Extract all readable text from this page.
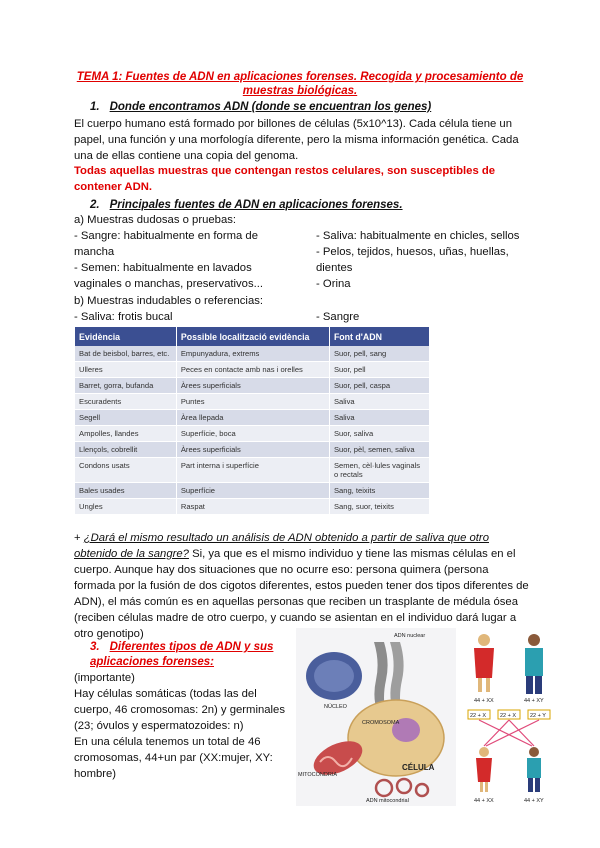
TEMA 1: Fuentes de ADN en aplicaciones forenses. Recogida y procesamiento de muestras biológicas.
1. Donde encontramos ADN (donde se encuentran los genes)
El cuerpo humano está formado por billones de células (5x10^13). Cada célula tiene un papel, una función y una morfología diferente, pero la misma información genética. Cada una de ellas contiene una copia del genoma.
Todas aquellas muestras que contengan restos celulares, son susceptibles de contener ADN.
2. Principales fuentes de ADN en aplicaciones forenses.
a) Muestras dudosas o pruebas:
- Sangre: habitualmente en forma de mancha
- Semen: habitualmente en lavados vaginales o manchas, preservativos...
- Saliva: habitualmente en chicles, sellos
- Pelos, tejidos, huesos, uñas, huellas, dientes
- Orina
b) Muestras indudables o referencias:
- Saliva: frotis bucal	- Sangre
Evidència	Possible localització evidència	Font d'ADN
Bat de beisbol, barres, etc.	Empunyadura, extrems	Suor, pell, sang
Ulleres	Peces en contacte amb nas i orelles	Suor, pell
Barret, gorra, bufanda	Àrees superficials	Suor, pell, caspa
Escuradents	Puntes	Saliva
Segell	Àrea llepada	Saliva
Ampolles, llandes	Superfície, boca	Suor, saliva
Llençols, cobrellit	Àrees superficials	Suor, pèl, semen, saliva
Condons usats	Part interna i superfície	Semen, cèl·lules vaginals o rectals
Bales usades	Superfície	Sang, teixits
Ungles	Raspat	Sang, suor, teixits
+ ¿Dará el mismo resultado un análisis de ADN obtenido a partir de saliva que otro obtenido de la sangre? Si, ya que es el mismo individuo y tiene las mismas células en el cuerpo. Aunque hay dos situaciones que no ocurre eso: persona quimera (persona formada por la fusión de dos cigotos diferentes, estos pueden tener dos tipos diferentes de ADN), el más común es en aquellas personas que reciben un trasplante de médula ósea (reciben células madre de otro cuerpo, y cuando se asientan en el individuo dará lugar a otro genotipo)
3. Diferentes tipos de ADN y sus aplicaciones forenses:
(importante)
Hay células somáticas (todas las del cuerpo, 46 cromosomas: 2n) y germinales (23; óvulos y espermatozoides: n)
En una célula tenemos un total de 46 cromosomas, 44+un par (XX:mujer, XY: hombre)
ADN nuclear
NÚCLEO
CROMOSOMA
CÉLULA
MITOCONDRIA
ADN mitocondrial
44 + XX	44 + XY
22 + X	22 + X	22 + Y
44 + XX	44 + XY
